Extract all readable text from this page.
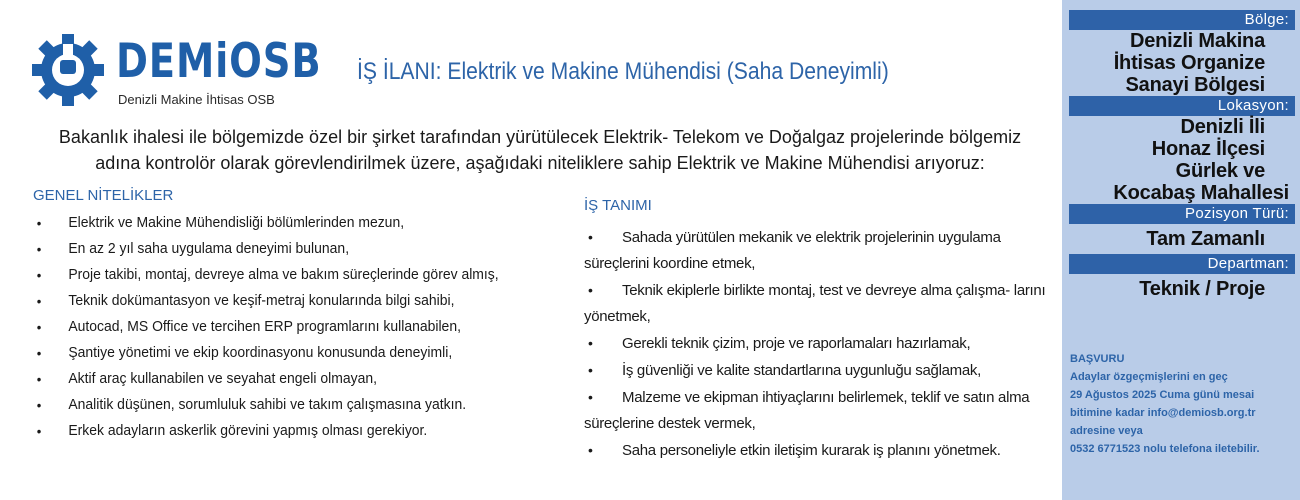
DEMiOSB
Denizli Makine İhtisas OSB
İŞ İLANI: Elektrik ve Makine Mühendisi (Saha Deneyimli)
Bakanlık ihalesi ile bölgemizde özel bir şirket tarafından yürütülecek Elektrik- Telekom ve Doğalgaz projelerinde bölgemiz
adına kontrolör olarak görevlendirilmek üzere, aşağıdaki niteliklere sahip Elektrik ve Makine Mühendisi arıyoruz:
GENEL NİTELİKLER
• Elektrik ve Makine Mühendisliği bölümlerinden mezun,
• En az 2 yıl saha uygulama deneyimi bulunan,
• Proje takibi, montaj, devreye alma ve bakım süreçlerinde görev almış,
• Teknik dokümantasyon ve keşif-metraj konularında bilgi sahibi,
• Autocad, MS Office ve tercihen ERP programlarını kullanabilen,
• Şantiye yönetimi ve ekip koordinasyonu konusunda deneyimli,
• Aktif araç kullanabilen ve seyahat engeli olmayan,
• Analitik düşünen, sorumluluk sahibi ve takım çalışmasına yatkın.
• Erkek adayların askerlik görevini yapmış olması gerekiyor.
İŞ TANIMI
• Sahada yürütülen mekanik ve elektrik projelerinin uygulama süreçlerini koordine etmek,
• Teknik ekiplerle birlikte montaj, test ve devreye alma çalışma- larını yönetmek,
• Gerekli teknik çizim, proje ve raporlamaları hazırlamak,
• İş güvenliği ve kalite standartlarına uygunluğu sağlamak,
• Malzeme ve ekipman ihtiyaçlarını belirlemek, teklif ve satın alma süreçlerine destek vermek,
• Saha personeliyle etkin iletişim kurarak iş planını yönetmek.
Bölge:
Denizli Makina
İhtisas Organize
Sanayi Bölgesi
Lokasyon:
Denizli İli
Honaz İlçesi
Gürlek ve
Kocabaş Mahallesi
Pozisyon Türü:
Tam Zamanlı
Departman:
Teknik / Proje
BAŞVURU
Adaylar özgeçmişlerini en geç
29 Ağustos 2025 Cuma günü mesai
bitimine kadar info@demiosb.org.tr
adresine veya
0532 6771523 nolu telefona iletebilir.
